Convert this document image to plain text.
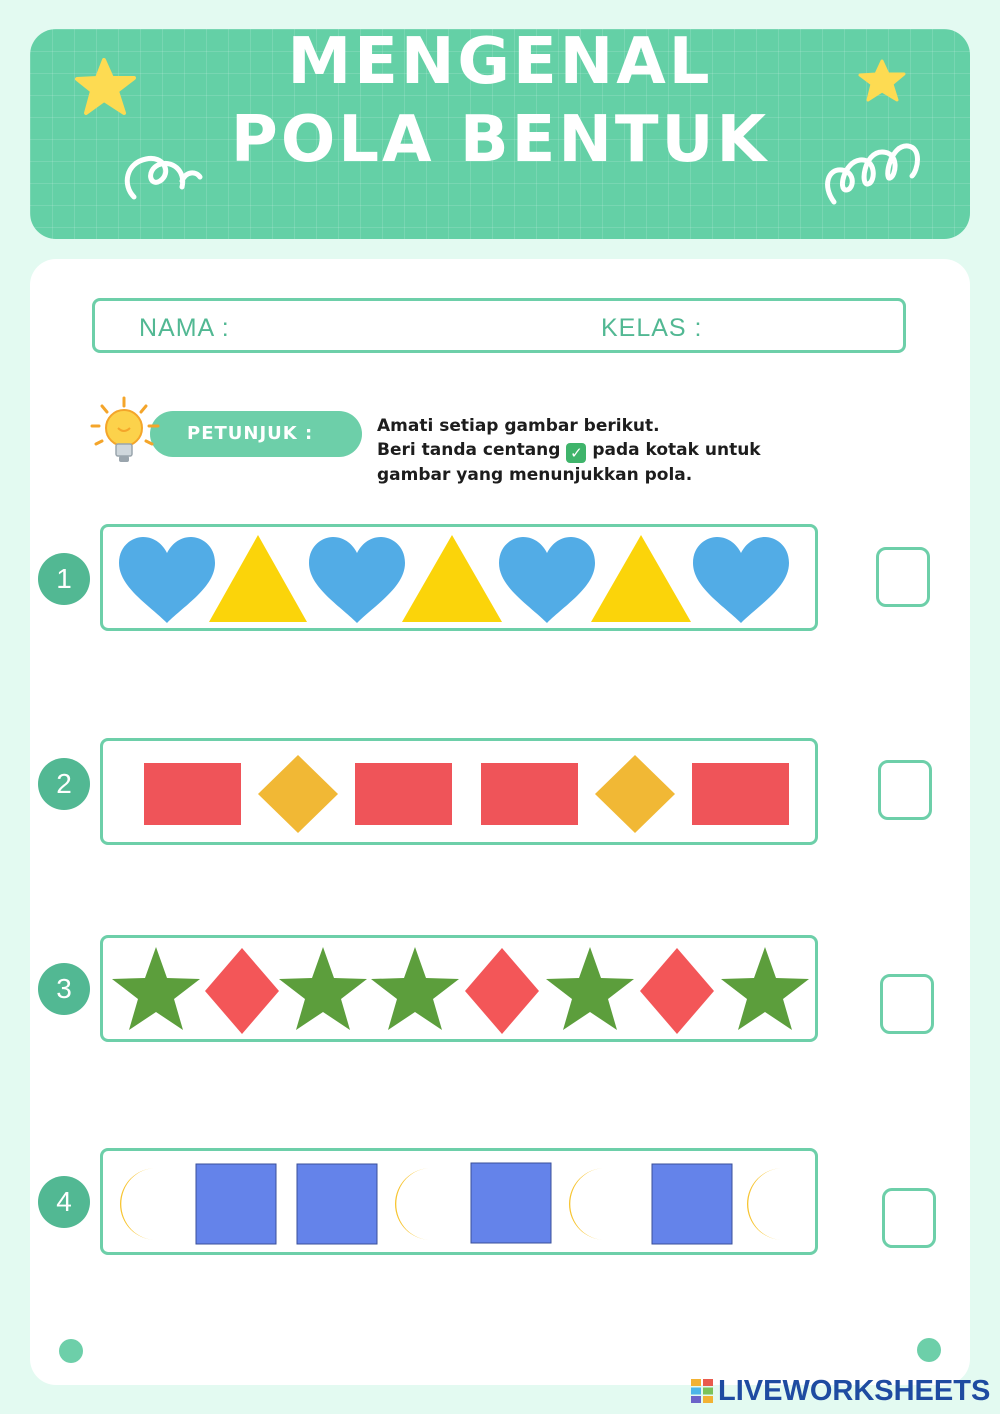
MENGENAL
POLA BENTUK
NAMA :	KELAS :
PETUNJUK :	Amati setiap gambar berikut.
Beri tanda centang ✓ pada kotak untuk
gambar yang menunjukkan pola.
1
2
3
4
LIVEWORKSHEETS
